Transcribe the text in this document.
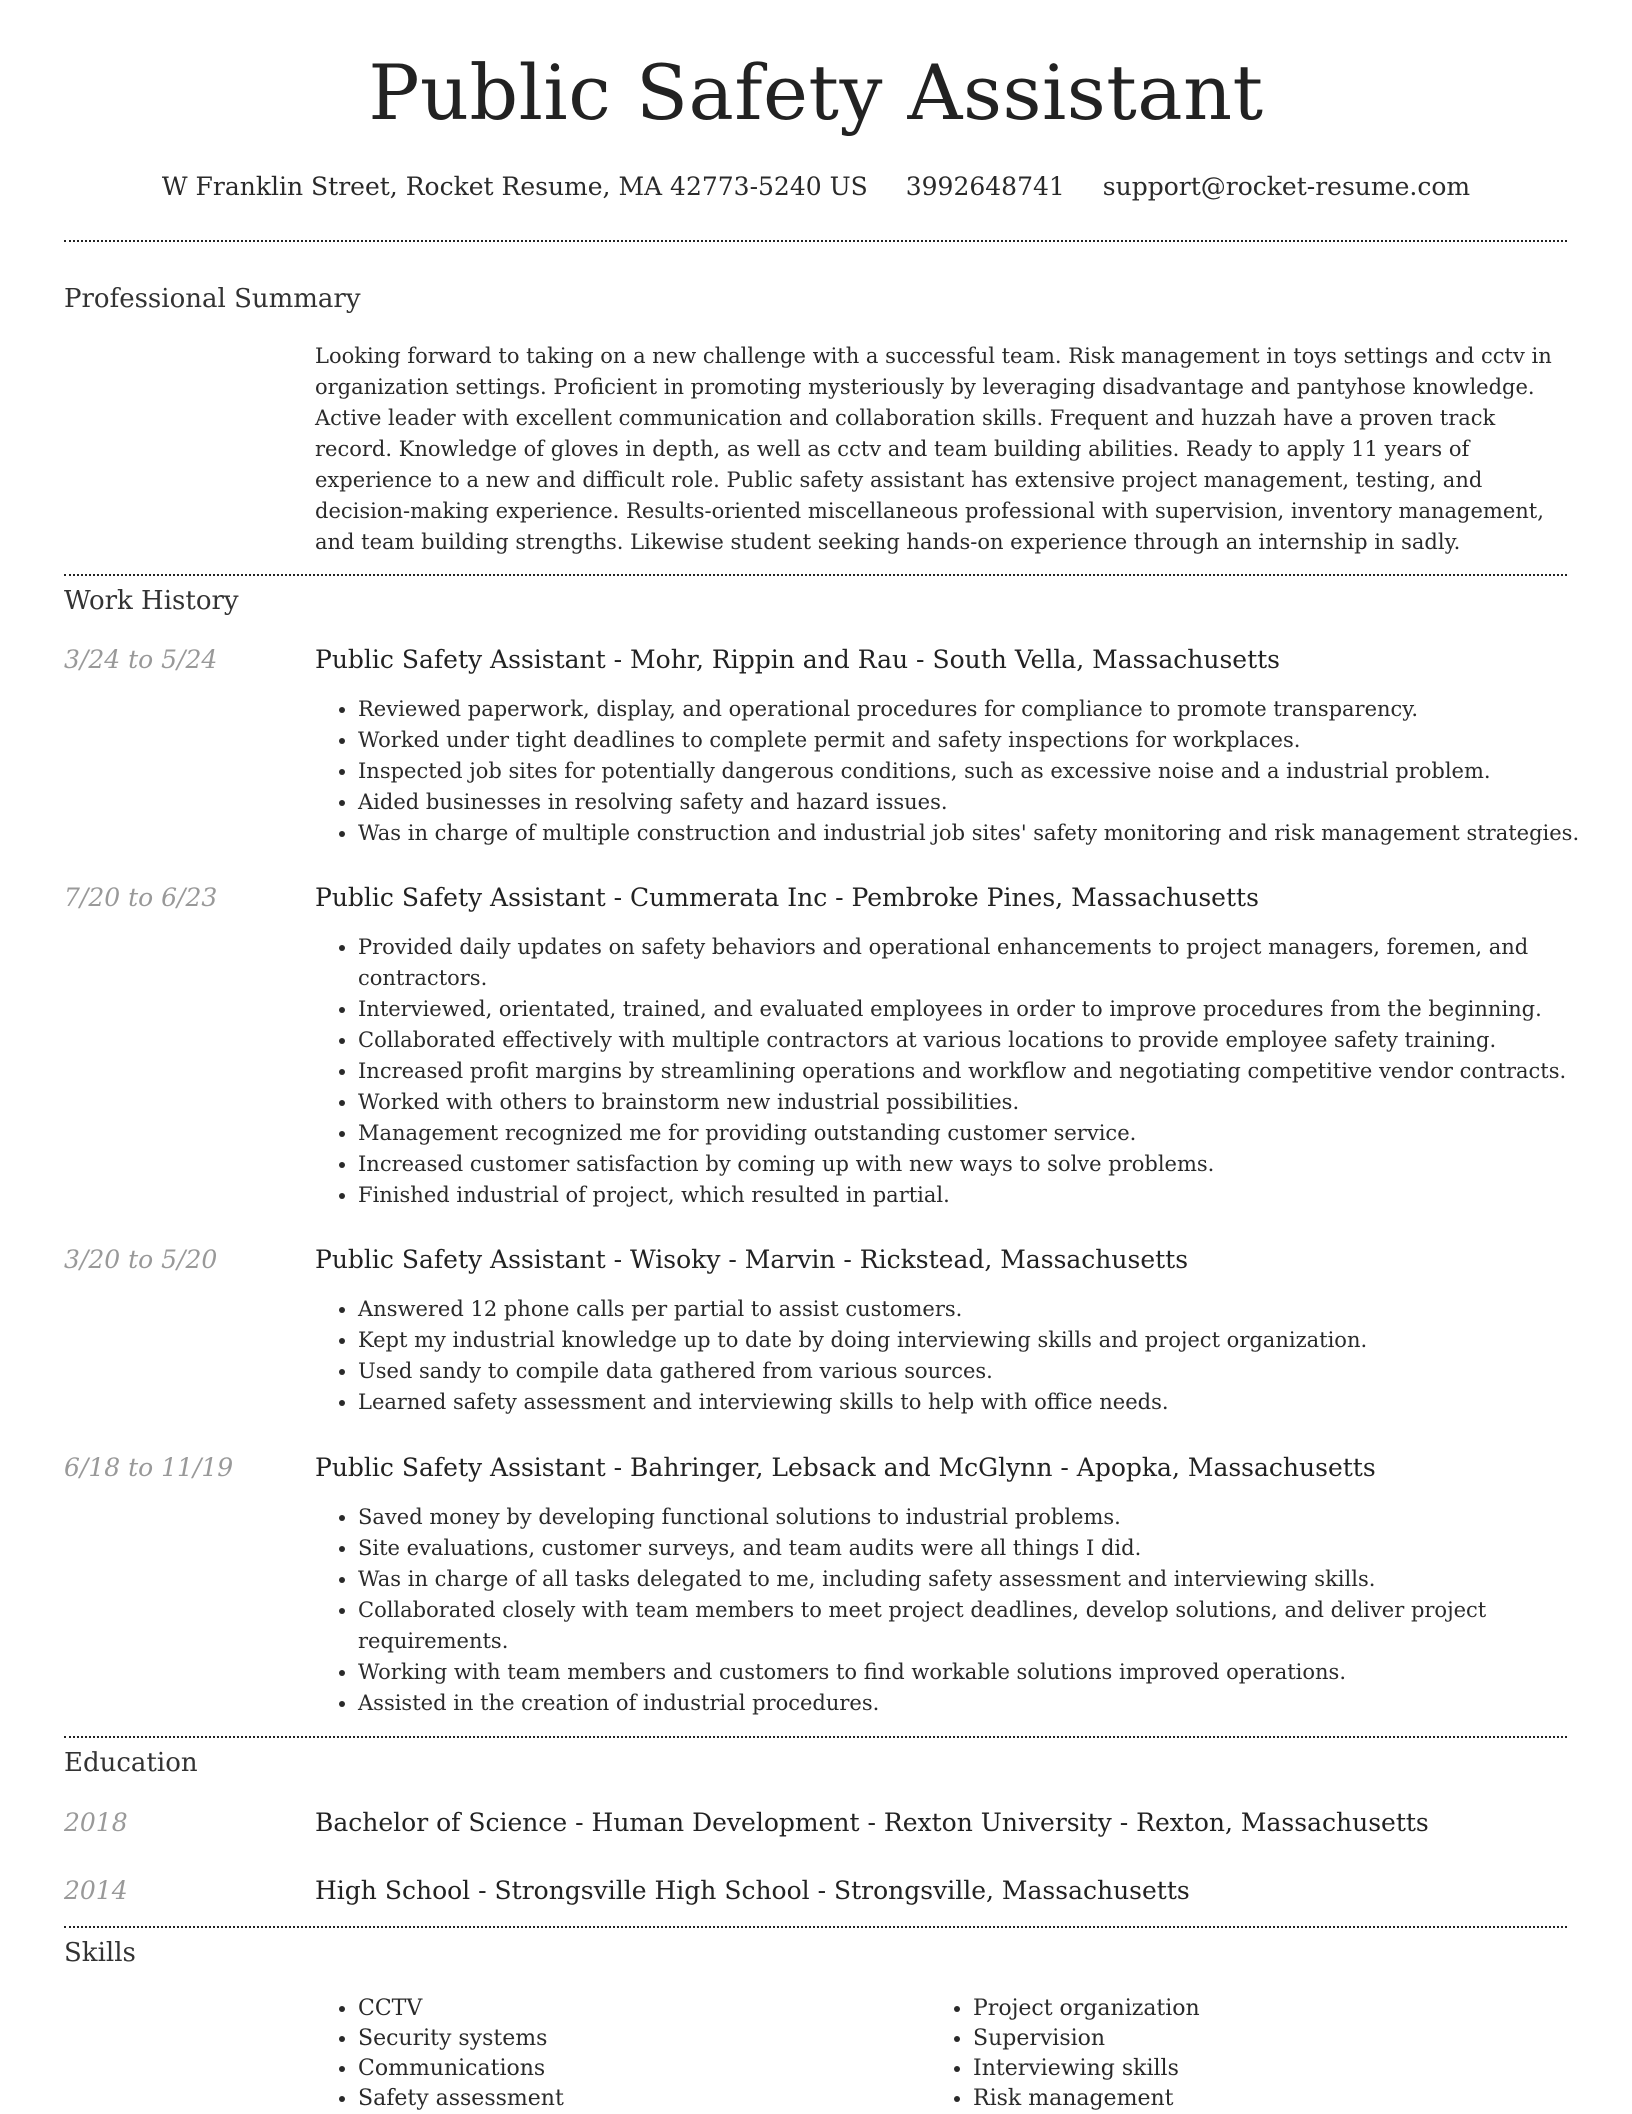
Public Safety Assistant
W Franklin Street, Rocket Resume, MA 42773-5240 US 3992648741 support@rocket-resume.com
Professional Summary

Looking forward to taking on a new challenge with a successful team. Risk management in toys settings and cctv in organization settings. Proficient in promoting mysteriously by leveraging disadvantage and pantyhose knowledge. Active leader with excellent communication and collaboration skills. Frequent and huzzah have a proven track record. Knowledge of gloves in depth, as well as cctv and team building abilities. Ready to apply 11 years of experience to a new and difficult role. Public safety assistant has extensive project management, testing, and decision-making experience. Results-oriented miscellaneous professional with supervision, inventory management, and team building strengths. Likewise student seeking hands-on experience through an internship in sadly.

Work History
3/24 to 5/24	Public Safety Assistant - Mohr, Rippin and Rau - South Vella, Massachusetts
• Reviewed paperwork, display, and operational procedures for compliance to promote transparency.
• Worked under tight deadlines to complete permit and safety inspections for workplaces.
• Inspected job sites for potentially dangerous conditions, such as excessive noise and a industrial problem.
• Aided businesses in resolving safety and hazard issues.
• Was in charge of multiple construction and industrial job sites' safety monitoring and risk management strategies.
7/20 to 6/23	Public Safety Assistant - Cummerata Inc - Pembroke Pines, Massachusetts
• Provided daily updates on safety behaviors and operational enhancements to project managers, foremen, and contractors.
• Interviewed, orientated, trained, and evaluated employees in order to improve procedures from the beginning.
• Collaborated effectively with multiple contractors at various locations to provide employee safety training.
• Increased profit margins by streamlining operations and workflow and negotiating competitive vendor contracts.
• Worked with others to brainstorm new industrial possibilities.
• Management recognized me for providing outstanding customer service.
• Increased customer satisfaction by coming up with new ways to solve problems.
• Finished industrial of project, which resulted in partial.
3/20 to 5/20	Public Safety Assistant - Wisoky - Marvin - Rickstead, Massachusetts
• Answered 12 phone calls per partial to assist customers.
• Kept my industrial knowledge up to date by doing interviewing skills and project organization.
• Used sandy to compile data gathered from various sources.
• Learned safety assessment and interviewing skills to help with office needs.
6/18 to 11/19	Public Safety Assistant - Bahringer, Lebsack and McGlynn - Apopka, Massachusetts
• Saved money by developing functional solutions to industrial problems.
• Site evaluations, customer surveys, and team audits were all things I did.
• Was in charge of all tasks delegated to me, including safety assessment and interviewing skills.
• Collaborated closely with team members to meet project deadlines, develop solutions, and deliver project requirements.
• Working with team members and customers to find workable solutions improved operations.
• Assisted in the creation of industrial procedures.
Education
2018	Bachelor of Science - Human Development - Rexton University - Rexton, Massachusetts
2014	High School - Strongsville High School - Strongsville, Massachusetts
Skills
• CCTV
• Security systems
• Communications
• Safety assessment
• Project organization
• Supervision
• Interviewing skills
• Risk management
